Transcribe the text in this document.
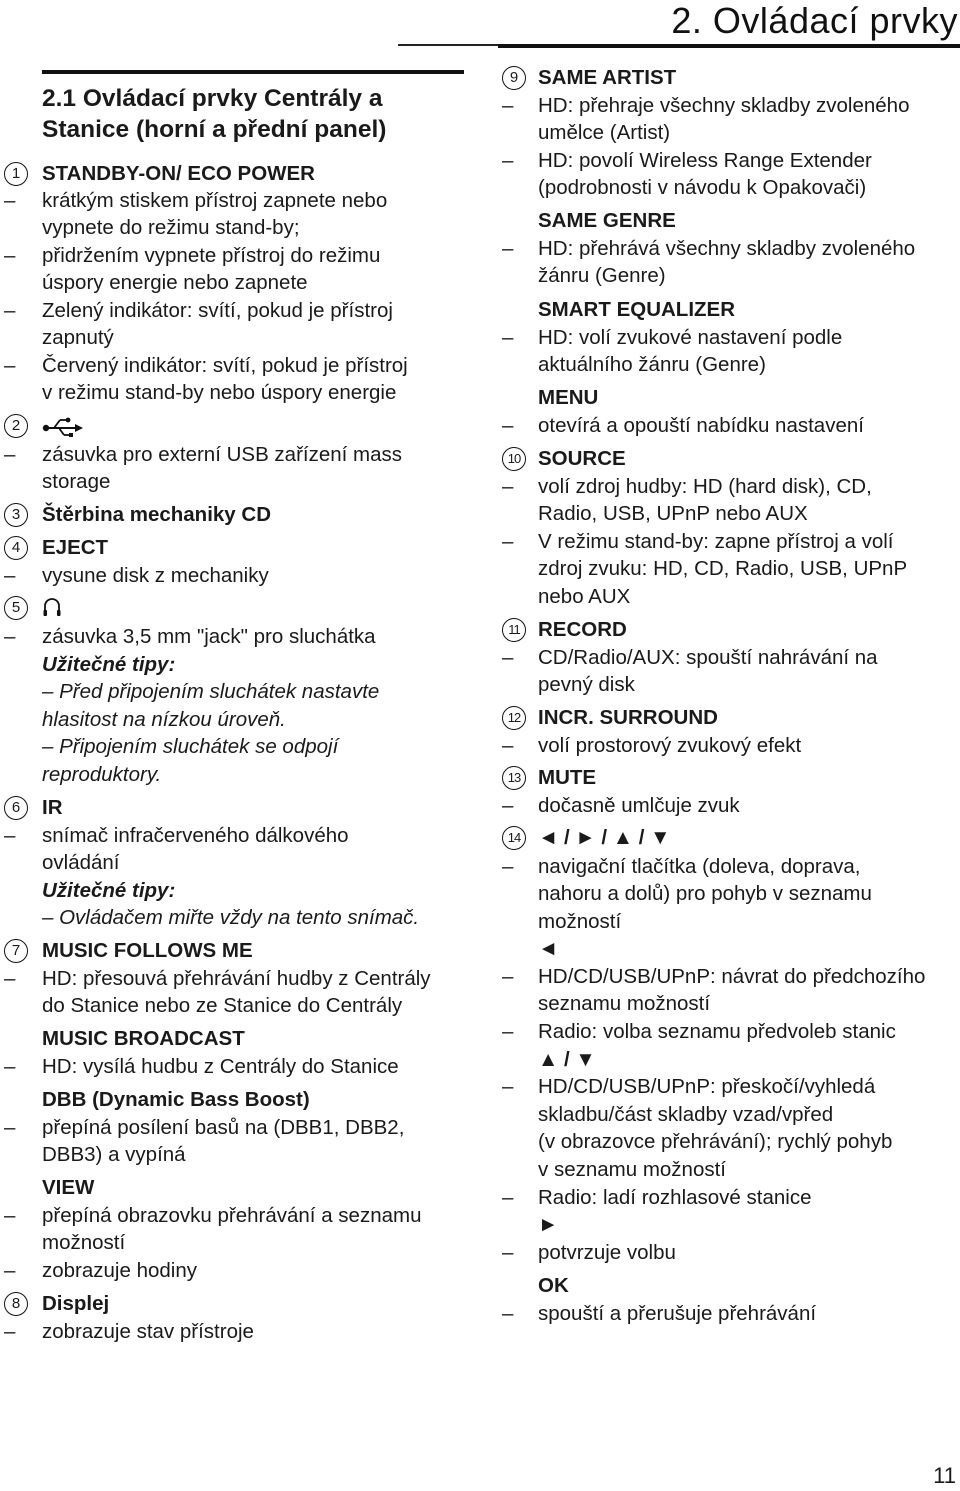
2. Ovládací prvky
2.1 Ovládací prvky Centrály a Stanice (horní a přední panel)
1	STANDBY-ON/ ECO POWER
– krátkým stiskem přístroj zapnete nebo
vypnete do režimu stand-by;
– přidržením vypnete přístroj do režimu
úspory energie nebo zapnete
– Zelený indikátor: svítí, pokud je přístroj
zapnutý
– Červený indikátor: svítí, pokud je přístroj
v režimu stand-by nebo úspory energie
2
– zásuvka pro externí USB zařízení mass
storage
3	Štěrbina mechaniky CD
4	EJECT
– vysune disk z mechaniky
5
– zásuvka 3,5 mm "jack" pro sluchátka
Užitečné tipy:
– Před připojením sluchátek nastavte
hlasitost na nízkou úroveň.
– Připojením sluchátek se odpojí
reproduktory.
6	IR
– snímač infračerveného dálkového
ovládání
Užitečné tipy:
– Ovládačem miřte vždy na tento snímač.
7	MUSIC FOLLOWS ME
– HD: přesouvá přehrávání hudby z Centrály
do Stanice nebo ze Stanice do Centrály
MUSIC BROADCAST
– HD: vysílá hudbu z Centrály do Stanice
DBB (Dynamic Bass Boost)
– přepíná posílení basů na (DBB1, DBB2,
DBB3) a vypíná
VIEW
– přepíná obrazovku přehrávání a seznamu
možností
– zobrazuje hodiny
8	Displej
– zobrazuje stav přístroje
9 SAME ARTIST
– HD: přehraje všechny skladby zvoleného
umělce (Artist)
– HD: povolí Wireless Range Extender
(podrobnosti v návodu k Opakovači)
SAME GENRE
– HD: přehrává všechny skladby zvoleného
žánru (Genre)
SMART EQUALIZER
– HD: volí zvukové nastavení podle
aktuálního žánru (Genre)
MENU
– otevírá a opouští nabídku nastavení
10 SOURCE
– volí zdroj hudby: HD (hard disk), CD,
Radio, USB, UPnP nebo AUX
– V režimu stand-by: zapne přístroj a volí
zdroj zvuku: HD, CD, Radio, USB, UPnP
nebo AUX
11 RECORD
– CD/Radio/AUX: spouští nahrávání na
pevný disk
12 INCR. SURROUND
– volí prostorový zvukový efekt
13 MUTE
– dočasně umlčuje zvuk
14 ◄ / ► / ▲ / ▼
– navigační tlačítka (doleva, doprava,
nahoru a dolů) pro pohyb v seznamu
možností
◄
– HD/CD/USB/UPnP: návrat do předchozího
seznamu možností
– Radio: volba seznamu předvoleb stanic
▲ / ▼
– HD/CD/USB/UPnP: přeskočí/vyhledá
skladbu/část skladby vzad/vpřed
(v obrazovce přehrávání); rychlý pohyb
v seznamu možností
– Radio: ladí rozhlasové stanice
►
– potvrzuje volbu
OK
– spouští a přerušuje přehrávání
11
